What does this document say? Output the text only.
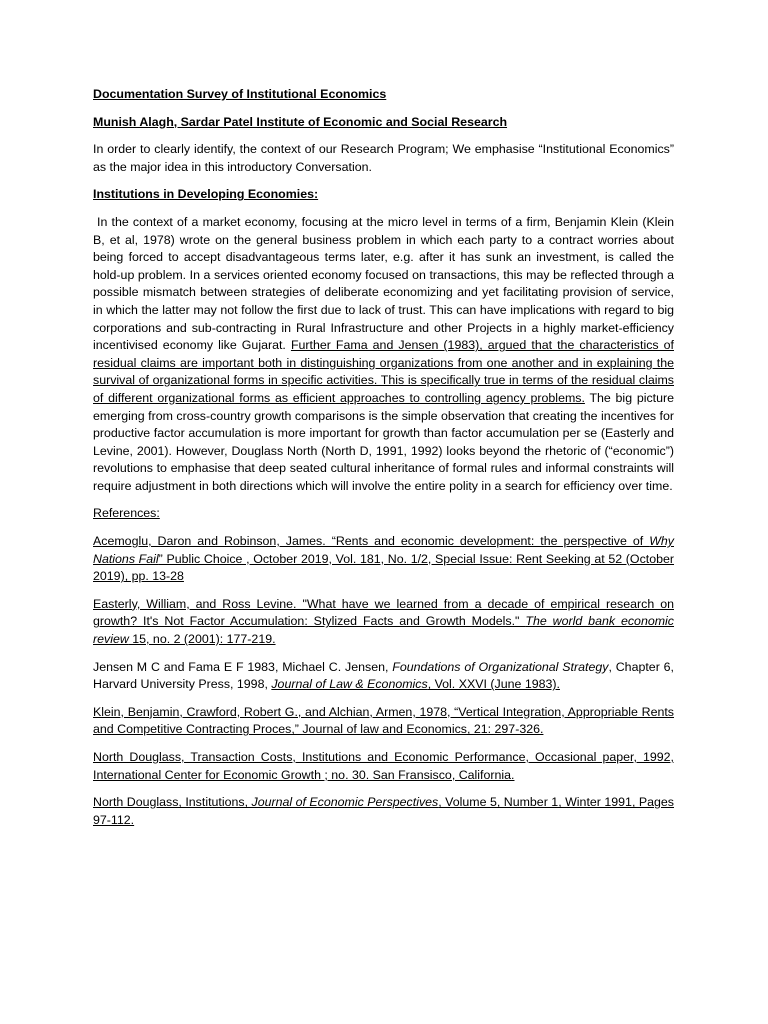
Documentation Survey of Institutional Economics

Munish Alagh, Sardar Patel Institute of Economic and Social Research

In order to clearly identify, the context of our Research Program; We emphasise “Institutional Economics” as the major idea in this introductory Conversation.

Institutions in Developing Economies:

In the context of a market economy, focusing at the micro level in terms of a firm, Benjamin Klein (Klein B, et al, 1978) wrote on the general business problem in which each party to a contract worries about being forced to accept disadvantageous terms later, e.g. after it has sunk an investment, is called the hold-up problem. In a services oriented economy focused on transactions, this may be reflected through a possible mismatch between strategies of deliberate economizing and yet facilitating provision of service, in which the latter may not follow the first due to lack of trust. This can have implications with regard to big corporations and sub-contracting in Rural Infrastructure and other Projects in a highly market-efficiency incentivised economy like Gujarat. Further Fama and Jensen (1983), argued that the characteristics of residual claims are important both in distinguishing organizations from one another and in explaining the survival of organizational forms in specific activities. This is specifically true in terms of the residual claims of different organizational forms as efficient approaches to controlling agency problems. The big picture emerging from cross-country growth comparisons is the simple observation that creating the incentives for productive factor accumulation is more important for growth than factor accumulation per se (Easterly and Levine, 2001). However, Douglass North (North D, 1991, 1992) looks beyond the rhetoric of (“economic”) revolutions to emphasise that deep seated cultural inheritance of formal rules and informal constraints will require adjustment in both directions which will involve the entire polity in a search for efficiency over time.

References:

Acemoglu, Daron and Robinson, James. “Rents and economic development: the perspective of Why Nations Fail” Public Choice , October 2019, Vol. 181, No. 1/2, Special Issue: Rent Seeking at 52 (October 2019), pp. 13-28

Easterly, William, and Ross Levine. "What have we learned from a decade of empirical research on growth? It's Not Factor Accumulation: Stylized Facts and Growth Models." The world bank economic review 15, no. 2 (2001): 177-219.

Jensen M C and Fama E F 1983, Michael C. Jensen, Foundations of Organizational Strategy, Chapter 6, Harvard University Press, 1998, Journal of Law & Economics, Vol. XXVI (June 1983).

Klein, Benjamin, Crawford, Robert G., and Alchian, Armen, 1978, “Vertical Integration, Appropriable Rents and Competitive Contracting Proces,” Journal of law and Economics, 21: 297-326.

North Douglass, Transaction Costs, Institutions and Economic Performance, Occasional paper, 1992, International Center for Economic Growth ; no. 30. San Fransisco, California.

North Douglass, Institutions, Journal of Economic Perspectives, Volume 5, Number 1, Winter 1991, Pages 97-112.
